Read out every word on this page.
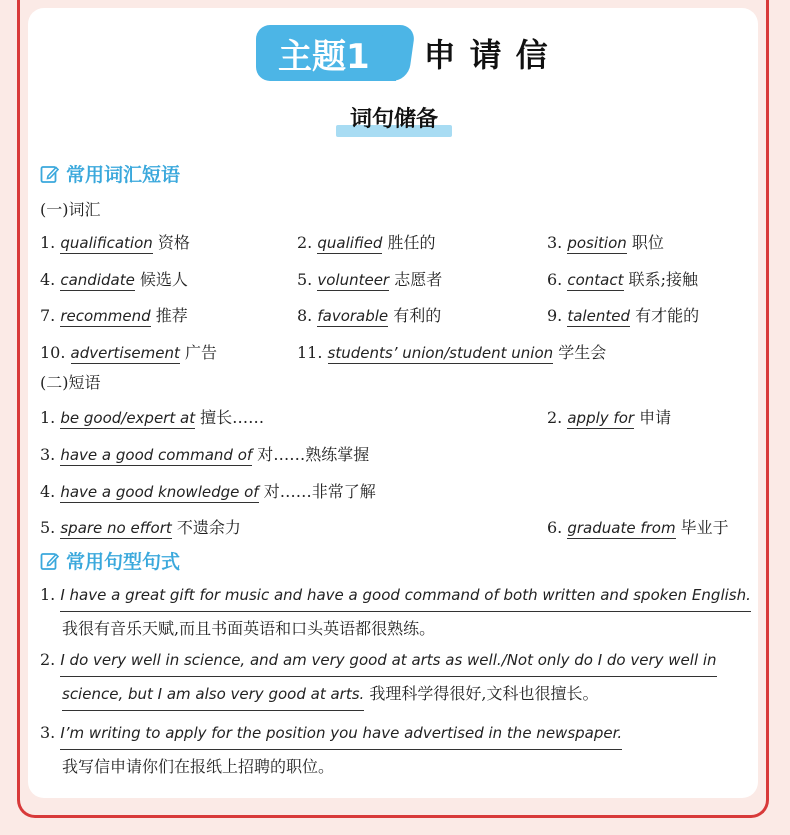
主题1	申请信
词句储备
常用词汇短语
(一)词汇
1. qualification 资格	2. qualified 胜任的	3. position 职位
4. candidate 候选人	5. volunteer 志愿者	6. contact 联系;接触
7. recommend 推荐	8. favorable 有利的	9. talented 有才能的
10. advertisement 广告	11. students’ union/student union 学生会
(二)短语
1. be good/expert at 擅长……	2. apply for 申请
3. have a good command of 对……熟练掌握
4. have a good knowledge of 对……非常了解
5. spare no effort 不遗余力	6. graduate from 毕业于
常用句型句式
1. I have a great gift for music and have a good command of both written and spoken English.
我很有音乐天赋,而且书面英语和口头英语都很熟练。
2. I do very well in science, and am very good at arts as well./Not only do I do very well in
science, but I am also very good at arts. 我理科学得很好,文科也很擅长。
3. I’m writing to apply for the position you have advertised in the newspaper.
我写信申请你们在报纸上招聘的职位。
